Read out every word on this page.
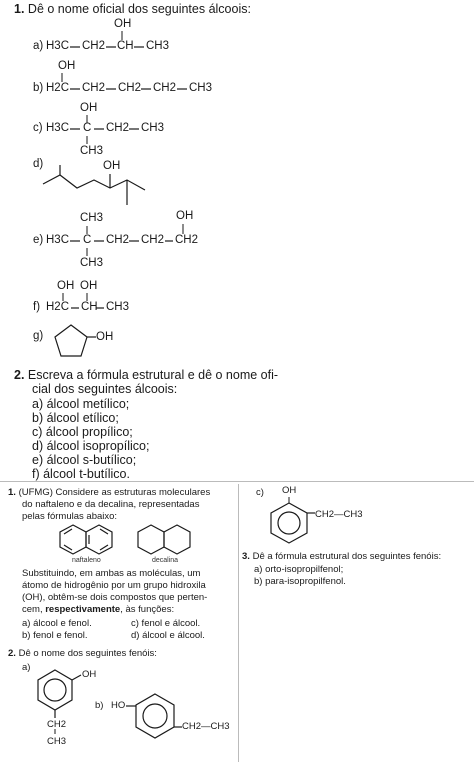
1. Dê o nome oficial dos seguintes álcoois:
OH
a) H3C CH2 CH CH3
OH
b) H2C CH2 CH2 CH2 CH3
OH
c) H3C C CH2 CH3
CH3
d)	OH
CH3	OH
e) H3C C CH2 CH2 CH2
CH3
OH OH
f) H2C CH CH3
g)	OH
2. Escreva a fórmula estrutural e dê o nome ofi-
cial dos seguintes álcoois:
a) álcool metílico;
b) álcool etílico;
c) álcool propílico;
d) álcool isopropílico;
e) álcool s-butílico;
f) álcool t-butílico.
1. (UFMG) Considere as estruturas moleculares
do naftaleno e da decalina, representadas
pelas fórmulas abaixo:
naftaleno	decalina
Substituindo, em ambas as moléculas, um
átomo de hidrogênio por um grupo hidroxila
(OH), obtêm-se dois compostos que perten-
cem, respectivamente, às funções:
a) álcool e fenol.	c) fenol e álcool.
b) fenol e fenol.	d) álcool e álcool.
2. Dê o nome dos seguintes fenóis:
a)
OH
CH2
CH3
b) HO
CH2—CH3
c) OH
CH2—CH3
3. Dê a fórmula estrutural dos seguintes fenóis:
a) orto-isopropilfenol;
b) para-isopropilfenol.
